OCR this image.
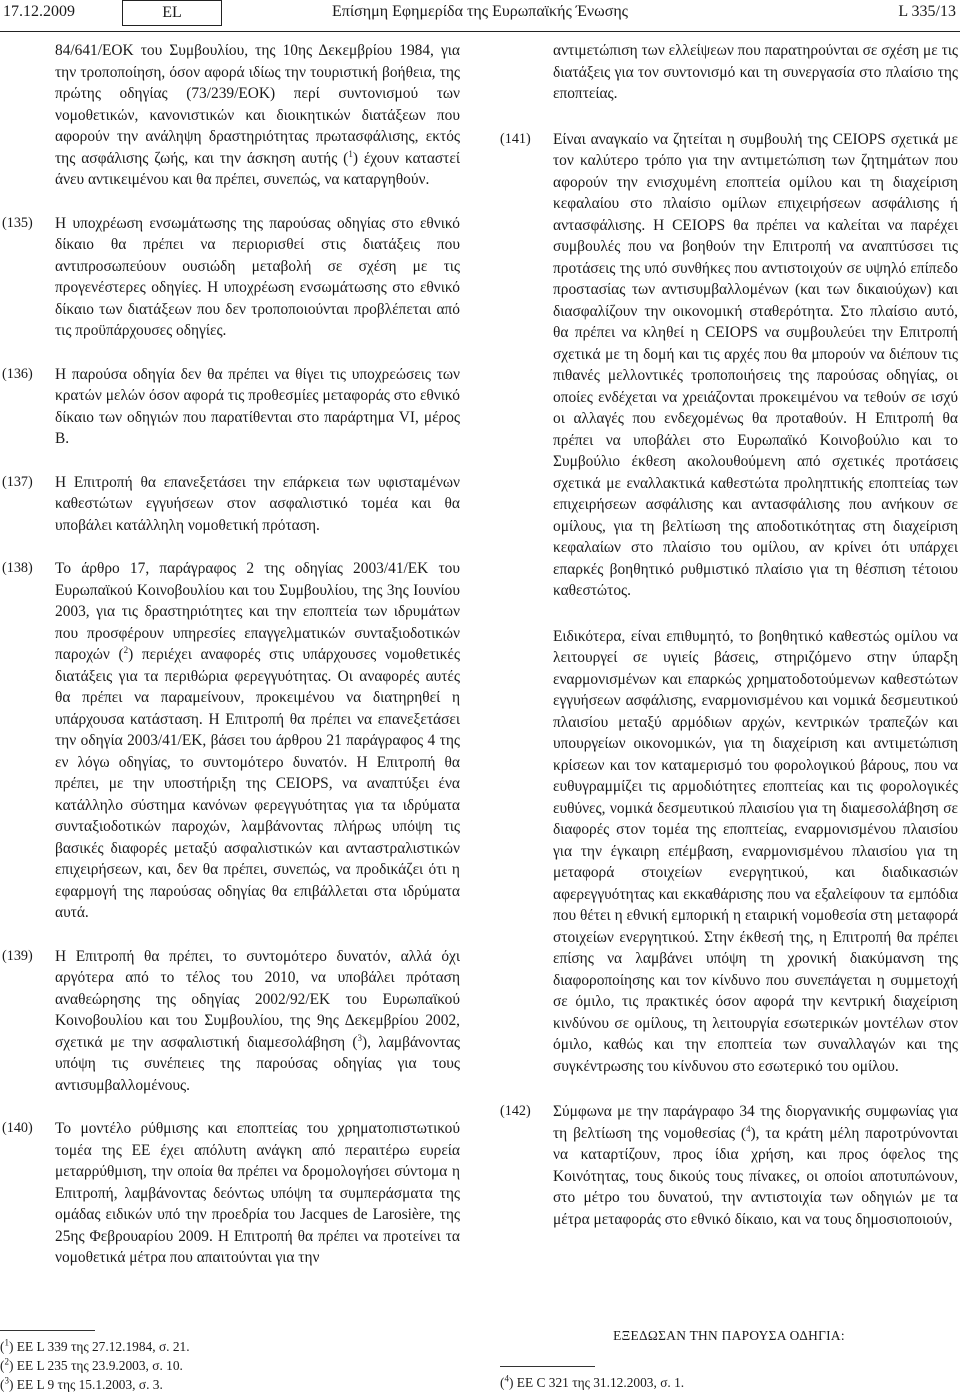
17.12.2009	EL	Επίσημη Εφημερίδα της Ευρωπαϊκής Ένωσης	L 335/13
84/641/ΕΟΚ του Συμβουλίου, της 10ης Δεκεμβρίου 1984, για την τροποποίηση, όσον αφορά ιδίως την τουριστική βοήθεια, της πρώτης οδηγίας (73/239/ΕΟΚ) περί συντονισμού των νομοθετικών, κανονιστικών και διοικητικών διατάξεων που αφορούν την ανάληψη δραστηριότητας πρωτασφάλισης, εκτός της ασφάλισης ζωής, και την άσκηση αυτής ($^1$) έχουν καταστεί άνευ αντικειμένου και θα πρέπει, συνεπώς, να καταργηθούν.
(135) Η υποχρέωση ενσωμάτωσης της παρούσας οδηγίας στο εθνικό δίκαιο θα πρέπει να περιορισθεί στις διατάξεις που αντιπροσωπεύουν ουσιώδη μεταβολή σε σχέση με τις προγενέστερες οδηγίες. Η υποχρέωση ενσωμάτωσης στο εθνικό δίκαιο των διατάξεων που δεν τροποποιούνται προβλέπεται από τις προϋπάρχουσες οδηγίες.
(136) Η παρούσα οδηγία δεν θα πρέπει να θίγει τις υποχρεώσεις των κρατών μελών όσον αφορά τις προθεσμίες μεταφοράς στο εθνικό δίκαιο των οδηγιών που παρατίθενται στο παράρτημα VI, μέρος B.
(137) Η Επιτροπή θα επανεξετάσει την επάρκεια των υφισταμένων καθεστώτων εγγυήσεων στον ασφαλιστικό τομέα και θα υποβάλει κατάλληλη νομοθετική πρόταση.
(138) Το άρθρο 17, παράγραφος 2 της οδηγίας 2003/41/ΕΚ του Ευρωπαϊκού Κοινοβουλίου και του Συμβουλίου, της 3ης Ιουνίου 2003, για τις δραστηριότητες και την εποπτεία των ιδρυμάτων που προσφέρουν υπηρεσίες επαγγελματικών συνταξιοδοτικών παροχών ($^2$) περιέχει αναφορές στις υπάρχουσες νομοθετικές διατάξεις για τα περιθώρια φερεγγυότητας. Οι αναφορές αυτές θα πρέπει να παραμείνουν, προκειμένου να διατηρηθεί η υπάρχουσα κατάσταση. Η Επιτροπή θα πρέπει να επανεξετάσει την οδηγία 2003/41/ΕΚ, βάσει του άρθρου 21 παράγραφος 4 της εν λόγω οδηγίας, το συντομότερο δυνατόν. Η Επιτροπή θα πρέπει, με την υποστήριξη της CEIOPS, να αναπτύξει ένα κατάλληλο σύστημα κανόνων φερεγγυότητας για τα ιδρύματα συνταξιοδοτικών παροχών, λαμβάνοντας πλήρως υπόψη τις βασικές διαφορές μεταξύ ασφαλιστικών και ανταστραλιστικών επιχειρήσεων, και, δεν θα πρέπει, συνεπώς, να προδικάζει ότι η εφαρμογή της παρούσας οδηγίας θα επιβάλλεται στα ιδρύματα αυτά.
(139) Η Επιτροπή θα πρέπει, το συντομότερο δυνατόν, αλλά όχι αργότερα από το τέλος του 2010, να υποβάλει πρόταση αναθεώρησης της οδηγίας 2002/92/ΕΚ του Ευρωπαϊκού Κοινοβουλίου και του Συμβουλίου, της 9ης Δεκεμβρίου 2002, σχετικά με την ασφαλιστική διαμεσολάβηση ($^3$), λαμβάνοντας υπόψη τις συνέπειες της παρούσας οδηγίας για τους αντισυμβαλλομένους.
(140) Το μοντέλο ρύθμισης και εποπτείας του χρηματοπιστωτικού τομέα της ΕΕ έχει απόλυτη ανάγκη από περαιτέρω ευρεία μεταρρύθμιση, την οποία θα πρέπει να δρομολογήσει σύντομα η Επιτροπή, λαμβάνοντας δεόντως υπόψη τα συμπεράσματα της ομάδας ειδικών υπό την προεδρία του Jacques de Larosière, της 25ης Φεβρουαρίου 2009. Η Επιτροπή θα πρέπει να προτείνει τα νομοθετικά μέτρα που απαιτούνται για την
αντιμετώπιση των ελλείψεων που παρατηρούνται σε σχέση με τις διατάξεις για τον συντονισμό και τη συνεργασία στο πλαίσιο της εποπτείας.
(141) Είναι αναγκαίο να ζητείται η συμβουλή της CEIOPS σχετικά με τον καλύτερο τρόπο για την αντιμετώπιση των ζητημάτων που αφορούν την ενισχυμένη εποπτεία ομίλου και τη διαχείριση κεφαλαίου στο πλαίσιο ομίλων επιχειρήσεων ασφάλισης ή αντασφάλισης. Η CEIOPS θα πρέπει να καλείται να παρέχει συμβουλές που να βοηθούν την Επιτροπή να αναπτύσσει τις προτάσεις της υπό συνθήκες που αντιστοιχούν σε υψηλό επίπεδο προστασίας των αντισυμβαλλομένων (και των δικαιούχων) και διασφαλίζουν την οικονομική σταθερότητα. Στο πλαίσιο αυτό, θα πρέπει να κληθεί η CEIOPS να συμβουλεύει την Επιτροπή σχετικά με τη δομή και τις αρχές που θα μπορούν να διέπουν τις πιθανές μελλοντικές τροποποιήσεις της παρούσας οδηγίας, οι οποίες ενδέχεται να χρειάζονται προκειμένου να τεθούν σε ισχύ οι αλλαγές που ενδεχομένως θα προταθούν. Η Επιτροπή θα πρέπει να υποβάλει στο Ευρωπαϊκό Κοινοβούλιο και το Συμβούλιο έκθεση ακολουθούμενη από σχετικές προτάσεις σχετικά με εναλλακτικά καθεστώτα προληπτικής εποπτείας των επιχειρήσεων ασφάλισης και αντασφάλισης που ανήκουν σε ομίλους, για τη βελτίωση της αποδοτικότητας στη διαχείριση κεφαλαίων στο πλαίσιο του ομίλου, αν κρίνει ότι υπάρχει επαρκές βοηθητικό ρυθμιστικό πλαίσιο για τη θέσπιση τέτοιου καθεστώτος.
Ειδικότερα, είναι επιθυμητό, το βοηθητικό καθεστώς ομίλου να λειτουργεί σε υγιείς βάσεις, στηριζόμενο στην ύπαρξη εναρμονισμένων και επαρκώς χρηματοδοτούμενων καθεστώτων εγγυήσεων ασφάλισης, εναρμονισμένου και νομικά δεσμευτικού πλαισίου μεταξύ αρμόδιων αρχών, κεντρικών τραπεζών και υπουργείων οικονομικών, για τη διαχείριση και αντιμετώπιση κρίσεων και τον καταμερισμό του φορολογικού βάρους, που να ευθυγραμμίζει τις αρμοδιότητες εποπτείας και τις φορολογικές ευθύνες, νομικά δεσμευτικού πλαισίου για τη διαμεσολάβηση σε διαφορές στον τομέα της εποπτείας, εναρμονισμένου πλαισίου για την έγκαιρη επέμβαση, εναρμονισμένου πλαισίου για τη μεταφορά στοιχείων ενεργητικού, και διαδικασιών αφερεγγυότητας και εκκαθάρισης που να εξαλείφουν τα εμπόδια που θέτει η εθνική εμπορική η εταιρική νομοθεσία στη μεταφορά στοιχείων ενεργητικού. Στην έκθεσή της, η Επιτροπή θα πρέπει επίσης να λαμβάνει υπόψη τη χρονική διακύμανση της διαφοροποίησης και τον κίνδυνο που συνεπάγεται η συμμετοχή σε όμιλο, τις πρακτικές όσον αφορά την κεντρική διαχείριση κινδύνου σε ομίλους, τη λειτουργία εσωτερικών μοντέλων στον όμιλο, καθώς και την εποπτεία των συναλλαγών και της συγκέντρωσης του κίνδυνου στο εσωτερικό του ομίλου.
(142) Σύμφωνα με την παράγραφο 34 της διοργανικής συμφωνίας για τη βελτίωση της νομοθεσίας ($^4$), τα κράτη μέλη παροτρύνονται να καταρτίζουν, προς ίδια χρήση, και προς όφελος της Κοινότητας, τους δικούς τους πίνακες, οι οποίοι αποτυπώνουν, στο μέτρο του δυνατού, την αντιστοιχία των οδηγιών με τα μέτρα μεταφοράς στο εθνικό δίκαιο, και να τους δημοσιοποιούν,
ΕΞΕΔΩΣΑΝ ΤΗΝ ΠΑΡΟΥΣΑ ΟΔΗΓΙΑ:
($^1$) ΕΕ L 339 της 27.12.1984, σ. 21.
($^2$) ΕΕ L 235 της 23.9.2003, σ. 10.
($^3$) ΕΕ L 9 της 15.1.2003, σ. 3.	($^4$) ΕΕ C 321 της 31.12.2003, σ. 1.
